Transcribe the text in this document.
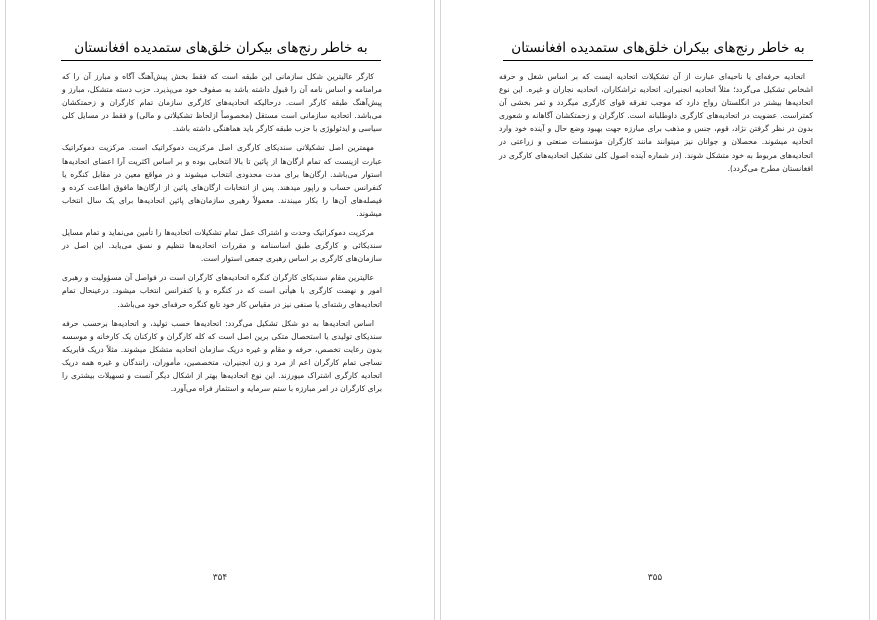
به خاطر رنج‌های بیکران خلق‌های ستمدیده افغانستان

کارگر عالیترین شکل سازمانی این طبقه است که فقط بخش پیش‌آهنگ آگاه و مبارز آن را که مرامنامه و اساس نامه آن را قبول داشته باشد به صفوف خود می‌پذیرد. حزب دسته متشکل، مبارز و پیش‌آهنگ طبقه کارگر است. درحالیکه اتحادیه‌های کارگری سازمان تمام کارگران و زحمتکشان می‌باشد. اتحادیه سازمانی است مستقل (مخصوصاً ازلحاظ تشکیلاتی و مالی) و فقط در مسایل کلی سیاسی و ایدئولوژی با حزب طبقه کارگر باید هماهنگی داشته باشد.

مهمترین اصل تشکیلاتی سندیکای کارگری اصل مرکزیت دموکراتیک است. مرکزیت دموکراتیک عبارت ازینست که تمام ارگان‌ها از پائین تا بالا انتخابی بوده و بر اساس اکثریت آرا اعضای اتحادیه‌ها استوار می‌باشد. ارگان‌ها برای مدت محدودی انتخاب میشوند و در مواقع معین در مقابل کنگره یا کنفرانس حساب و راپور میدهند. پس از انتخابات ارگان‌های پائین از ارگان‌ها مافوق اطاعت کرده و فیصله‌های آن‌ها را بکار میبندند. معمولاً رهبری سازمان‌های پائین اتحادیه‌ها برای یک سال انتخاب میشوند.

مرکزیت دموکراتیک وحدت و اشتراک عمل تمام تشکیلات اتحادیه‌ها را تأمین می‌نماید و تمام مسایل سندیکائی و کارگری طبق اساسنامه و مقررات اتحادیه‌ها تنظیم و نسق می‌یابد. این اصل در سازمان‌های کارگری بر اساس رهبری جمعی استوار است.

عالیترین مقام سندیکای کارگران کنگره اتحادیه‌های کارگران است در فواصل آن مسؤولیت و رهبری امور و نهضت کارگری با هیأتی است که در کنگره و یا کنفرانس انتخاب میشود. درعینحال تمام اتحادیه‌های رشته‌ای یا صنفی نیز در مقیاس کار خود تابع کنگره حرفه‌ای خود می‌باشد.

اساس اتحادیه‌ها به دو شکل تشکیل می‌گردد: اتحادیه‌ها حسب تولید، و اتحادیه‌ها برحسب حرفه سندیکای تولیدی یا استحصال متکی برین اصل است که کله کارگران و کارکنان یک کارخانه و موسسه بدون رعایت تخصص، حرفه و مقام و غیره دریک سازمان اتحادیه متشکل میشوند. مثلاً دریک فابریکه نساجی تمام کارگران اعم از مرد و زن انجنیران، متخصصین، مأموران، رانندگان و غیره همه دریک اتحادیه کارگری اشتراک میورزند. این نوع اتحادیه‌ها بهتر از اشکال دیگر آنست و تسهیلات بیشتری را برای کارگران در امر مبارزه با ستم سرمایه و استثمار فراه می‌آورد.

۳۵۴
به خاطر رنج‌های بیکران خلق‌های ستمدیده افغانستان

اتحادیه حرفه‌ای یا ناحیه‌ای عبارت از آن تشکیلات اتحادیه ایست که بر اساس شغل و حرفه اشخاص تشکیل می‌گردد؛ مثلاً اتحادیه انجنیران، اتحادیه تراشکاران، اتحادیه نجاران و غیره. این نوع اتحادیه‌ها بیشتر در انگلستان رواج دارد که موجب تفرقه قوای کارگری میگردد و ثمر بخشی آن کمتراست. عضویت در اتحادیه‌های کارگری داوطلبانه است. کارگران و زحمتکشان آگاهانه و شعوری بدون در نظر گرفتن نژاد، قوم، جنس و مذهب برای مبارزه جهت بهبود وضع حال و آینده خود وارد اتحادیه میشوند. محصلان و جوانان نیز میتوانند مانند کارگران مؤسسات صنعتی و زراعتی در اتحادیه‌های مربوط به خود متشکل شوند. (در شماره آینده اصول کلی تشکیل اتحادیه‌های کارگری در افغانستان مطرح می‌گردد).

۳۵۵
